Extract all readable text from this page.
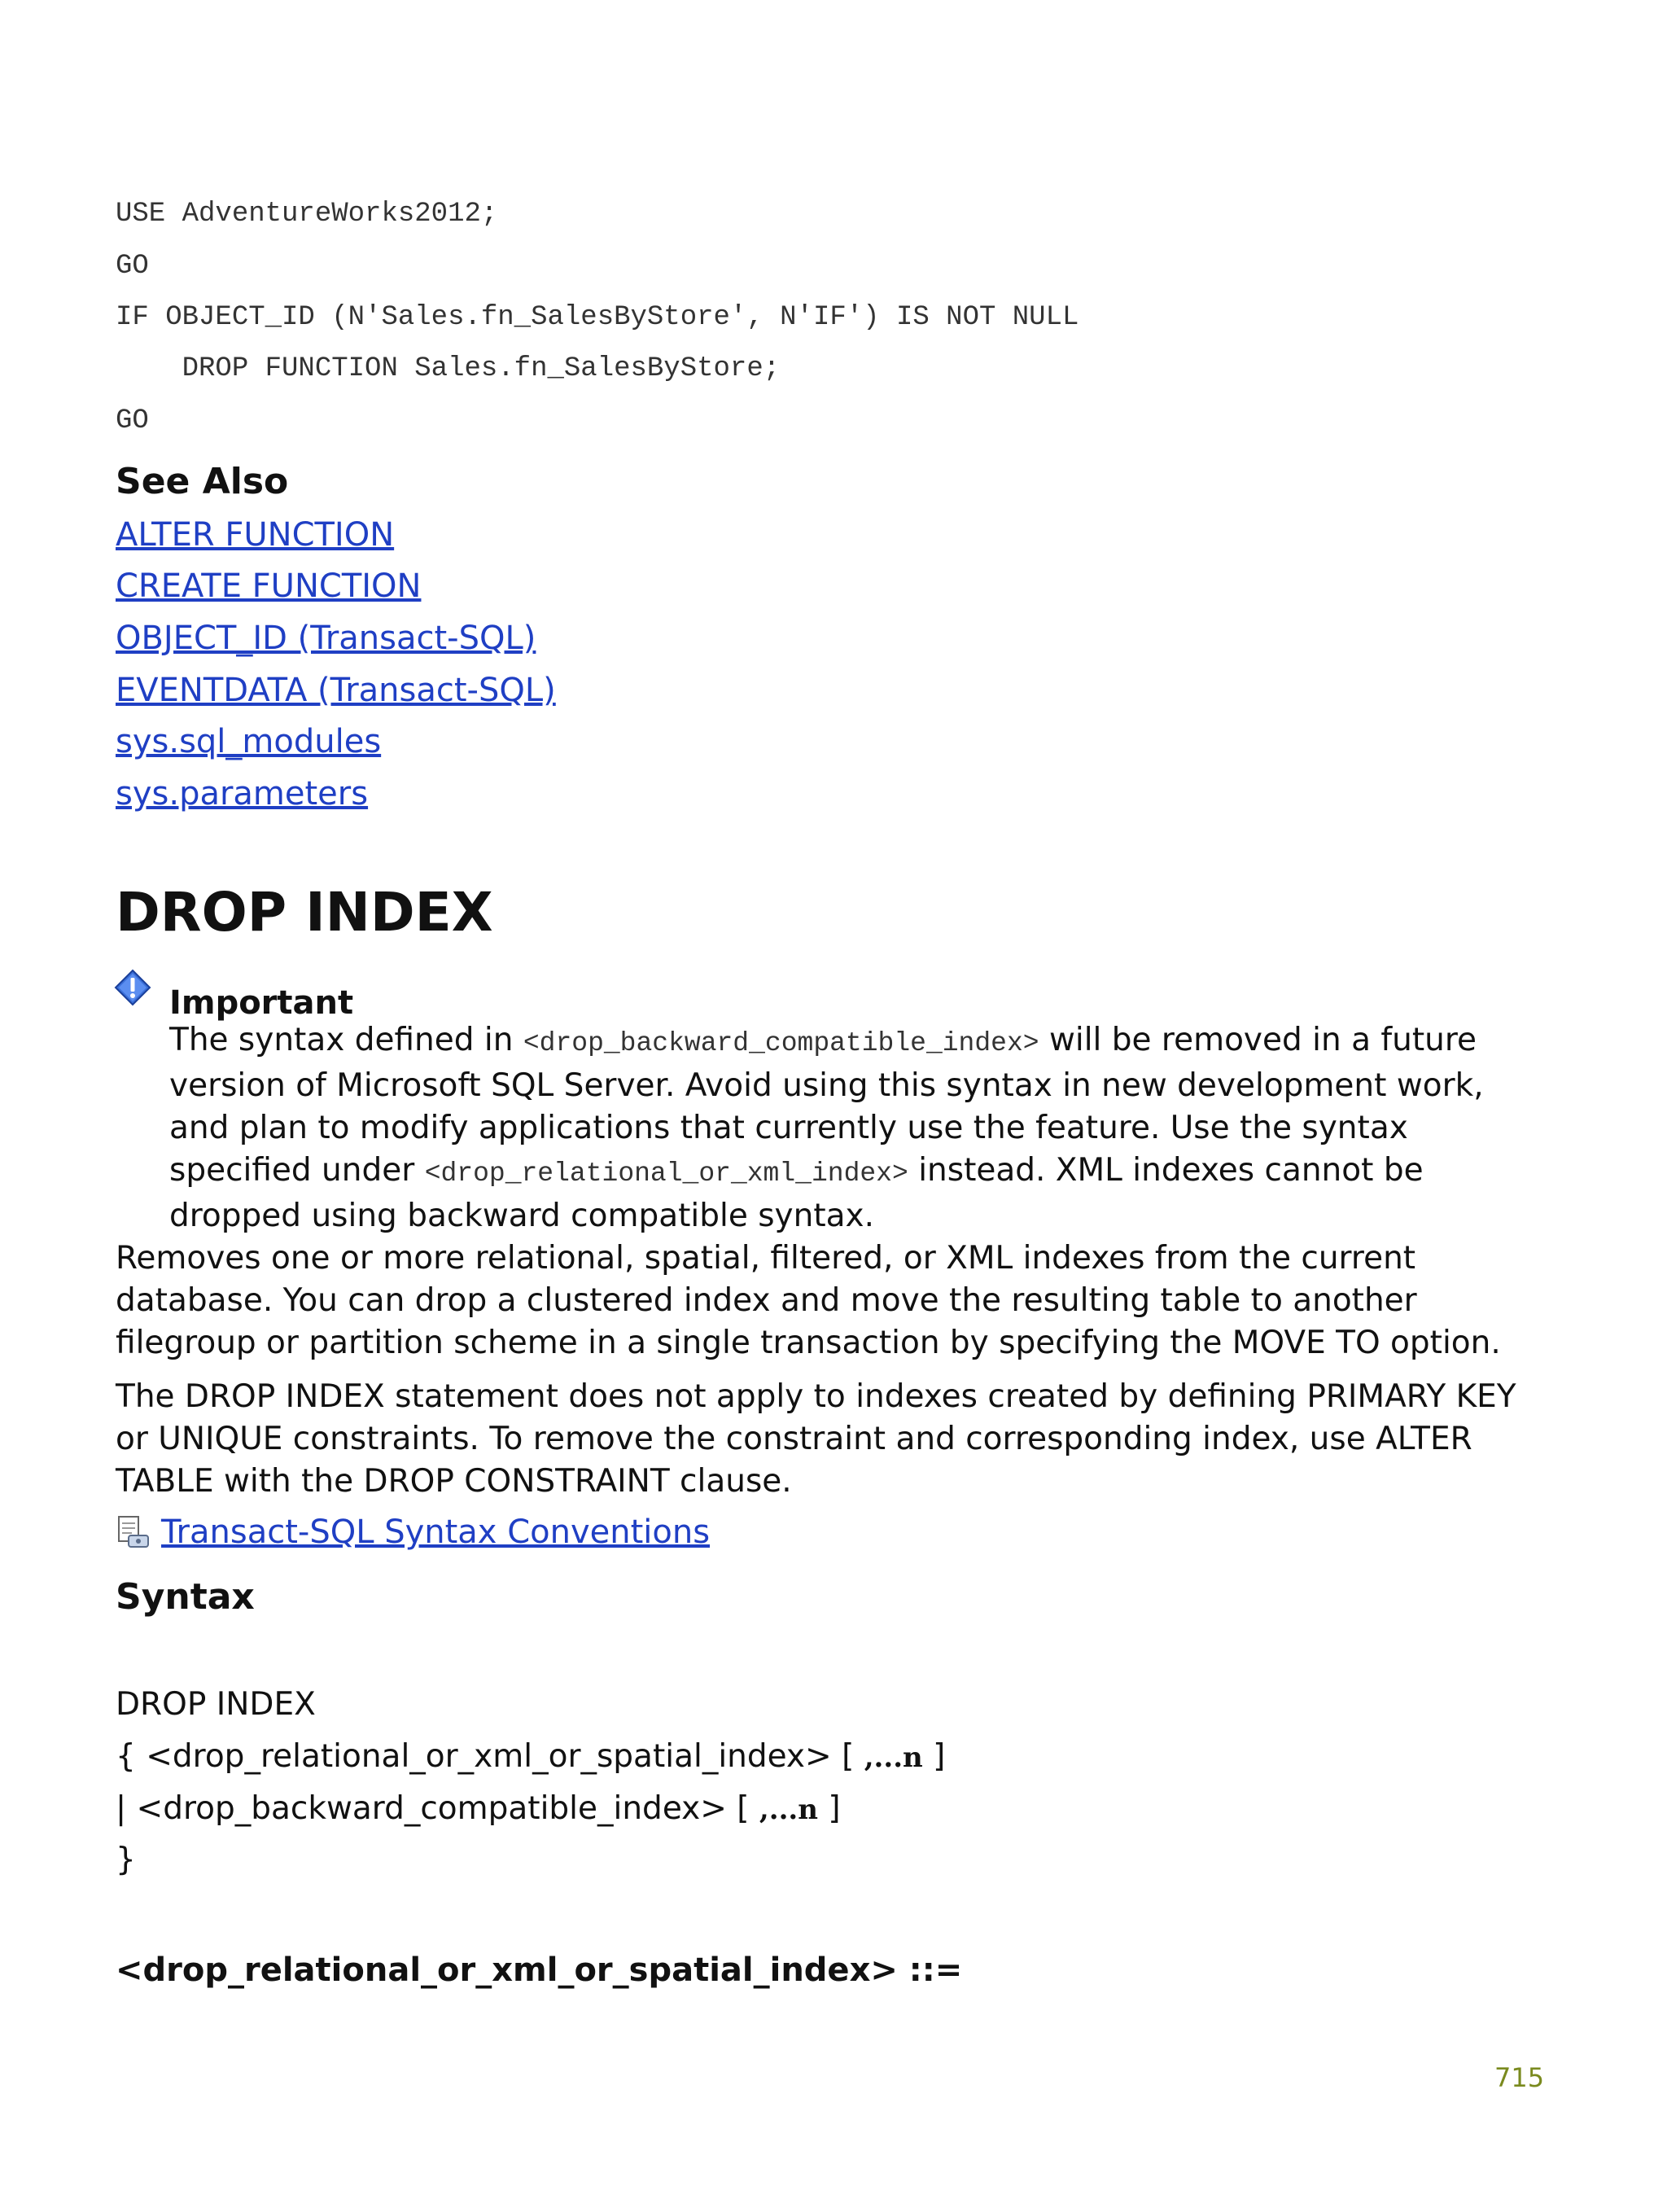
USE AdventureWorks2012;
GO
IF OBJECT_ID (N'Sales.fn_SalesByStore', N'IF') IS NOT NULL
DROP FUNCTION Sales.fn_SalesByStore;
GO
See Also
ALTER FUNCTION
CREATE FUNCTION
OBJECT_ID (Transact-SQL)
EVENTDATA (Transact-SQL)
sys.sql_modules
sys.parameters
DROP INDEX
Important

The syntax defined in <drop_backward_compatible_index> will be removed in a future version of Microsoft SQL Server. Avoid using this syntax in new development work, and plan to modify applications that currently use the feature. Use the syntax specified under <drop_relational_or_xml_index> instead. XML indexes cannot be dropped using backward compatible syntax.

Removes one or more relational, spatial, filtered, or XML indexes from the current database. You can drop a clustered index and move the resulting table to another filegroup or partition scheme in a single transaction by specifying the MOVE TO option.

The DROP INDEX statement does not apply to indexes created by defining PRIMARY KEY or UNIQUE constraints. To remove the constraint and corresponding index, use ALTER TABLE with the DROP CONSTRAINT clause.

Transact-SQL Syntax Conventions
Syntax
DROP INDEX
{ <drop_relational_or_xml_or_spatial_index> [ ,...n ]
| <drop_backward_compatible_index> [ ,...n ]
}
<drop_relational_or_xml_or_spatial_index> ::=
715
